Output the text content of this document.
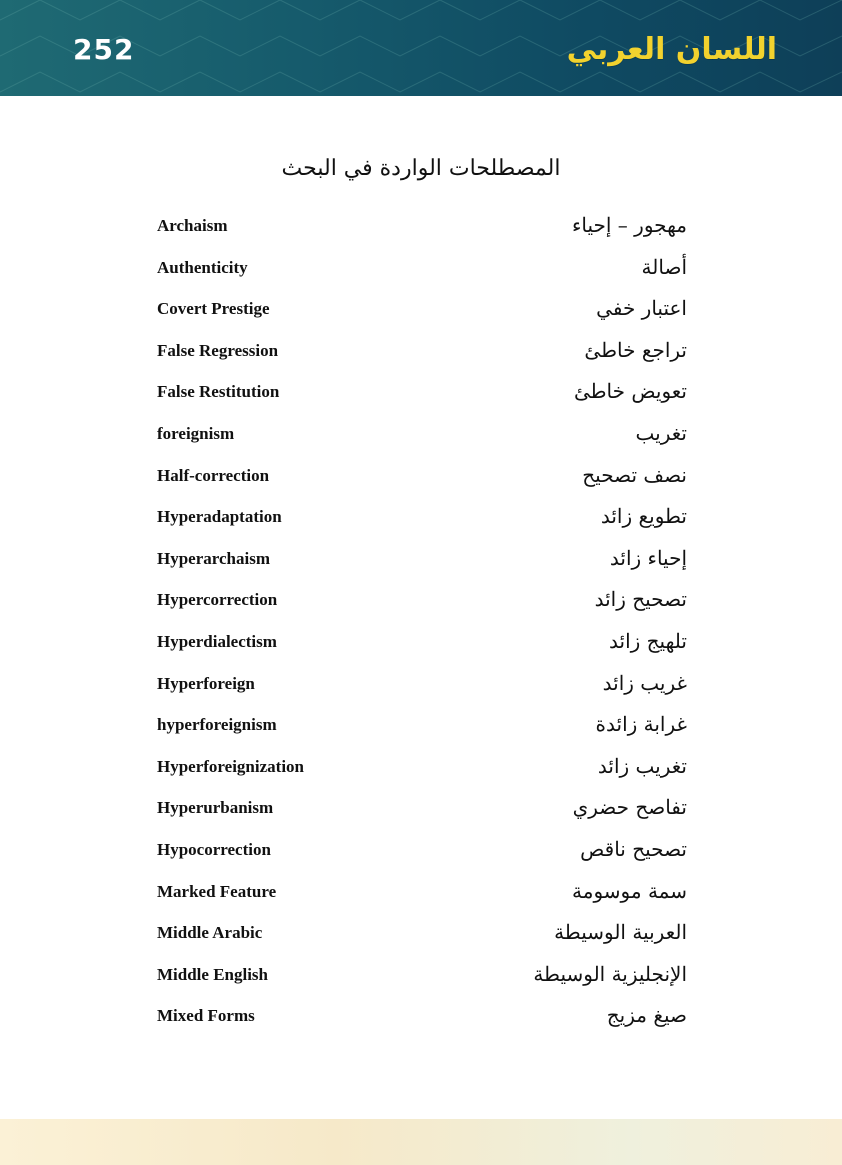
252	اللسان العربي
المصطلحات الواردة في البحث
Archaism	مهجور – إحياء
Authenticity	أصالة
Covert Prestige	اعتبار خفي
False Regression	تراجع خاطئ
False Restitution	تعويض خاطئ
foreignism	تغريب
Half-correction	نصف تصحيح
Hyperadaptation	تطويع زائد
Hyperarchaism	إحياء زائد
Hypercorrection	تصحيح زائد
Hyperdialectism	تلهيج زائد
Hyperforeign	غريب زائد
hyperforeignism	غرابة زائدة
Hyperforeignization	تغريب زائد
Hyperurbanism	تفاصح حضري
Hypocorrection	تصحيح ناقص
Marked Feature	سمة موسومة
Middle Arabic	العربية الوسيطة
Middle English	الإنجليزية الوسيطة
Mixed Forms	صيغ مزيج
